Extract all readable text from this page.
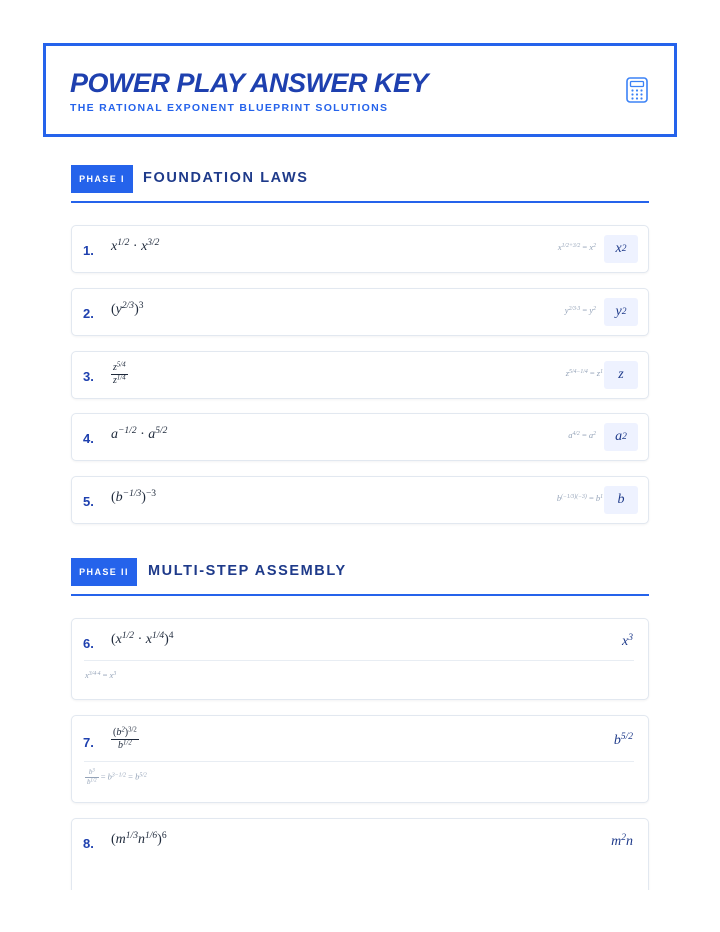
POWER PLAY ANSWER KEY
THE RATIONAL EXPONENT BLUEPRINT SOLUTIONS
PHASE I	FOUNDATION LAWS
1. $x^{1/2} \cdot x^{3/2}$	$x^{1/2+3/2} = x^2$	x 2
2. $(y^{2/3})^3$	$y^{2/3\cdot 3} = y^2$	y 2
3. $\frac{z^{5/4}}{z^{1/4}}$	$z^{5/4-1/4} = z^1$	z
4. $a^{-1/2} \cdot a^{5/2}$	$a^{4/2} = a^2$	a 2
5. $(b^{-1/3})^{-3}$	$b^{(-1/3)(-3)} = b^1$	b
PHASE II	MULTI-STEP ASSEMBLY
6. $(x^{1/2} \cdot x^{1/4})^4$	$x^3$
$x^{3/4\cdot 4} = x^3$
7. $\frac{(b^2)^{3/2}}{b^{1/2}}$	$b^{5/2}$
$\frac{b^3}{b^{1/2}} = b^{3-1/2} = b^{5/2}$
8. $(m^{1/3}n^{1/6})^6$	$m^2n$
